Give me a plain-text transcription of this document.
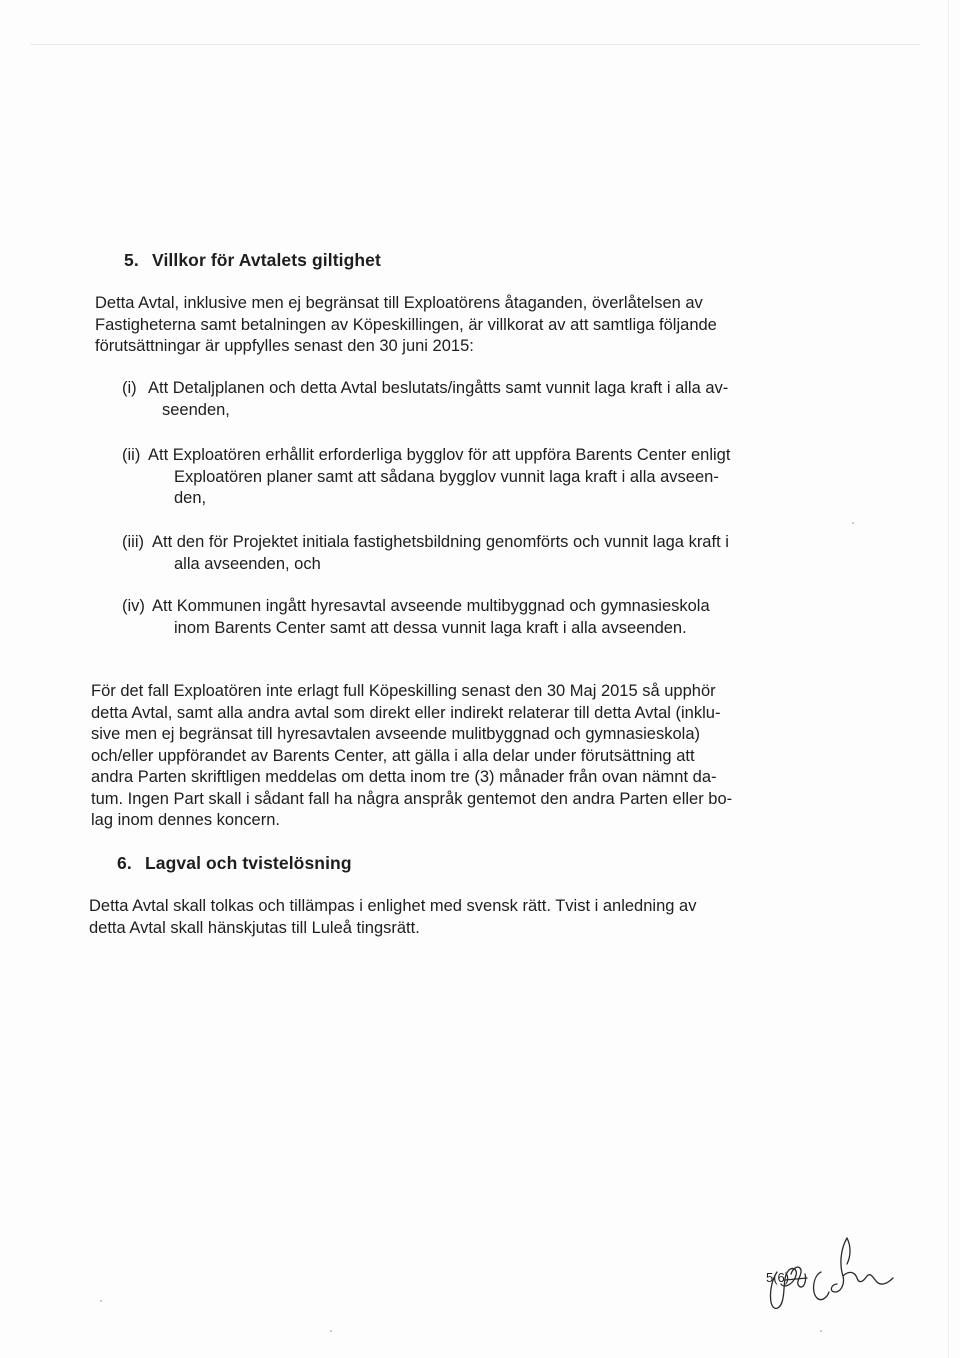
5. Villkor för Avtalets giltighet
Detta Avtal, inklusive men ej begränsat till Exploatörens åtaganden, överlåtelsen av
Fastigheterna samt betalningen av Köpeskillingen, är villkorat av att samtliga följande
förutsättningar är uppfylles senast den 30 juni 2015:
(i) Att Detaljplanen och detta Avtal beslutats/ingåtts samt vunnit laga kraft i alla av-
seenden,
(ii) Att Exploatören erhållit erforderliga bygglov för att uppföra Barents Center enligt
Exploatören planer samt att sådana bygglov vunnit laga kraft i alla avseen-
den,
(iii) Att den för Projektet initiala fastighetsbildning genomförts och vunnit laga kraft i
alla avseenden, och
(iv) Att Kommunen ingått hyresavtal avseende multibyggnad och gymnasieskola
inom Barents Center samt att dessa vunnit laga kraft i alla avseenden.
För det fall Exploatören inte erlagt full Köpeskilling senast den 30 Maj 2015 så upphör
detta Avtal, samt alla andra avtal som direkt eller indirekt relaterar till detta Avtal (inklu-
sive men ej begränsat till hyresavtalen avseende mulitbyggnad och gymnasieskola)
och/eller uppförandet av Barents Center, att gälla i alla delar under förutsättning att
andra Parten skriftligen meddelas om detta inom tre (3) månader från ovan nämnt da-
tum. Ingen Part skall i sådant fall ha några anspråk gentemot den andra Parten eller bo-
lag inom dennes koncern.
6. Lagval och tvistelösning
Detta Avtal skall tolkas och tillämpas i enlighet med svensk rätt. Tvist i anledning av
detta Avtal skall hänskjutas till Luleå tingsrätt.
5(6)
